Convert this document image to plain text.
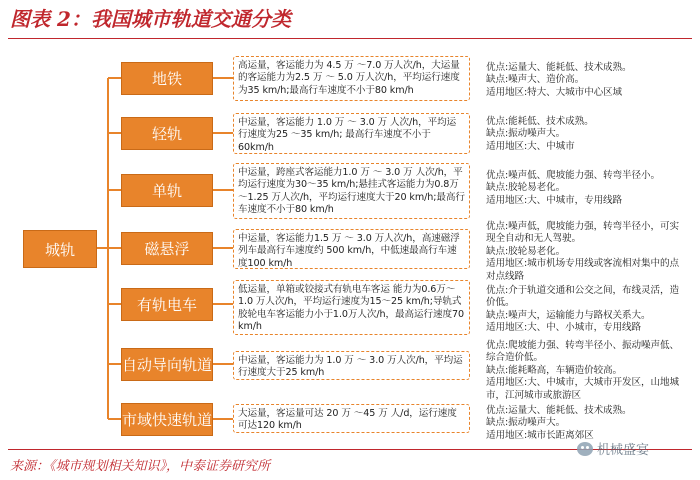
图表 2：我国城市轨道交通分类
城轨
地铁
轻轨
单轨
磁悬浮
有轨电车
自动导向轨道
市域快速轨道
高运量，客运能力为 4.5 万 ～7.0 万人次/h，大运量的客运能力为2.5 万 ～ 5.0 万人次/h，平均运行速度为35 km/h;最高行车速度不小于80 km/h
中运量，客运能力 1.0 万 ～ 3.0 万 人次/h，平均运行速度为25 ～35 km/h; 最高行车速度不小于60km/h
中运量，跨座式客运能力1.0 万 ～ 3.0 万 人次/h，平均运行速度为30～35 km/h;悬挂式客运能力为0.8万 ～1.25 万人次/h，平均运行速度大于20 km/h;最高行车速度不小于80 km/h
中运量，客运能力1.5 万 ～ 3.0 万人次/h，高速磁浮列车最高行车速度约 500 km/h，中低速最高行车速度100 km/h
低运量，单箱或铰接式有轨电车客运 能力为0.6万～1.0 万人次/h，平均运行速度为15～25 km/h;导轨式胶轮电车客运能力小于1.0万人次/h，最高运行速度70 km/h
中运量，客运能力为 1.0 万 ～ 3.0 万人次/h，平均运行速度大于25 km/h
大运量，客运量可达 20 万 ～45 万 人/d，运行速度可达120 km/h
优点:运量大、能耗低、技术成熟。
缺点:噪声大、造价高。
适用地区:特大、大城市中心区域
优点:能耗低、技术成熟。
缺点:振动噪声大。
适用地区:大、中城市
优点:噪声低、爬坡能力强、转弯半径小。
缺点:胶轮易老化。
适用地区:大、中城市，专用线路
优点:噪声低，爬坡能力强，转弯半径小，可实现全自动和无人驾驶。
缺点:胶轮易老化。
适用地区:城市机场专用线或客流相对集中的点对点线路
优点:介于轨道交通和公交之间，布线灵活，造价低。
缺点:噪声大，运输能力与路权关系大。
适用地区:大、中、小城市，专用线路
优点:爬坡能力强、转弯半径小、振动噪声低、综合造价低。
缺点:能耗略高，车辆造价较高。
适用地区:大、中城市，大城市开发区，山地城市，江河城市或旅游区
优点:运量大、能耗低、技术成熟。
缺点:振动噪声大。
适用地区:城市长距离郊区
来源：《城市规划相关知识》，中泰证券研究所
机械盛宴
